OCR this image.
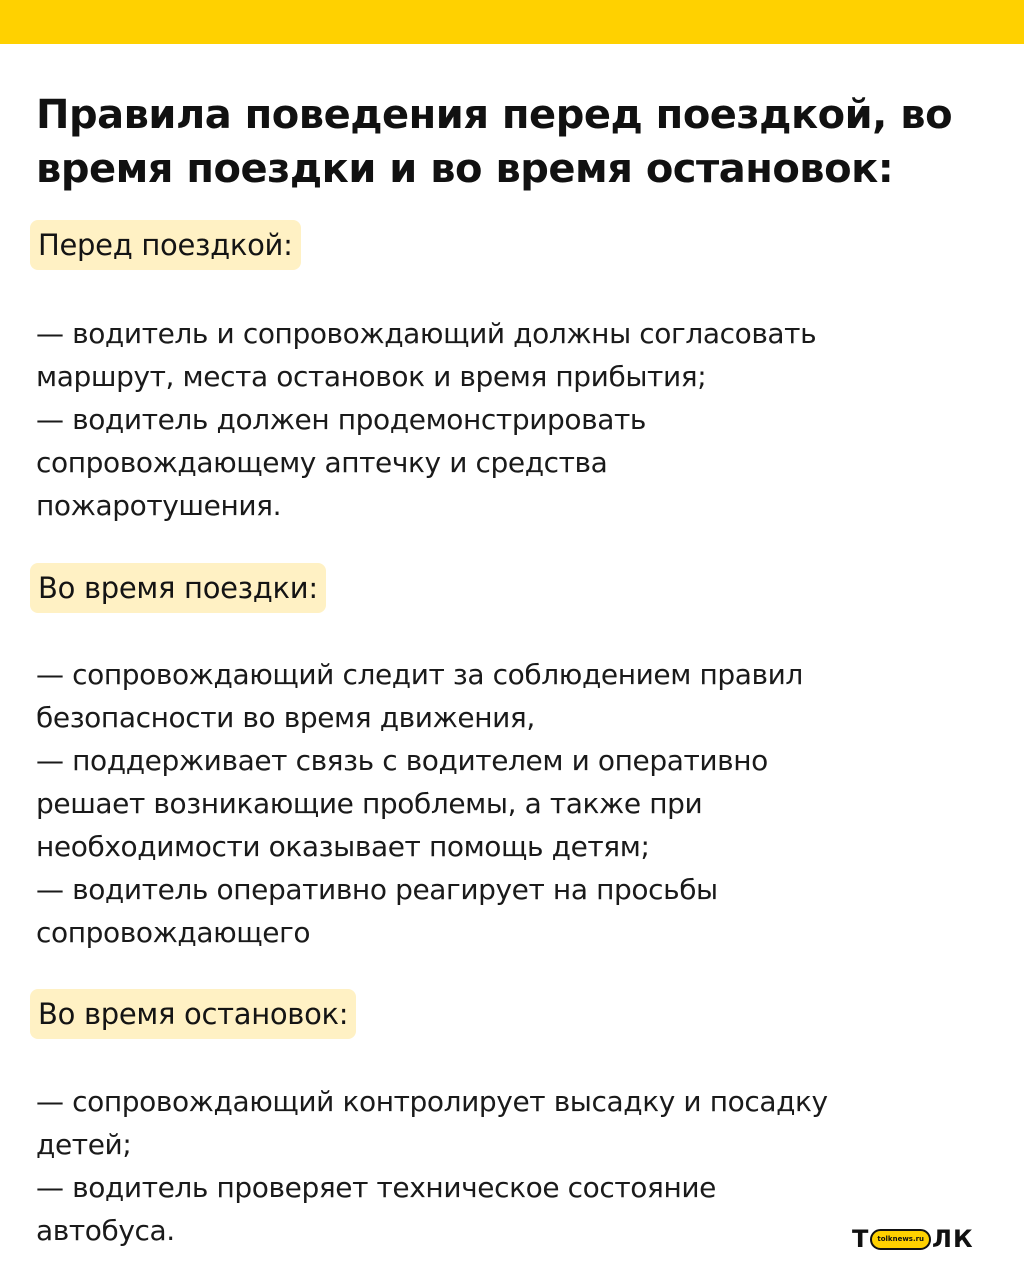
Правила поведения перед поездкой, во время поездки и во время остановок:
Перед поездкой:
— водитель и сопровождающий должны согласовать
маршрут, места остановок и время прибытия;
— водитель должен продемонстрировать
сопровождающему аптечку и средства
пожаротушения.
Во время поездки:
— сопровождающий следит за соблюдением правил
безопасности во время движения,
— поддерживает связь с водителем и оперативно
решает возникающие проблемы, а также при
необходимости оказывает помощь детям;
— водитель оперативно реагирует на просьбы
сопровождающего
Во время остановок:
— сопровождающий контролирует высадку и посадку
детей;
— водитель проверяет техническое состояние
автобуса.	Т tolknews.ru ЛК
